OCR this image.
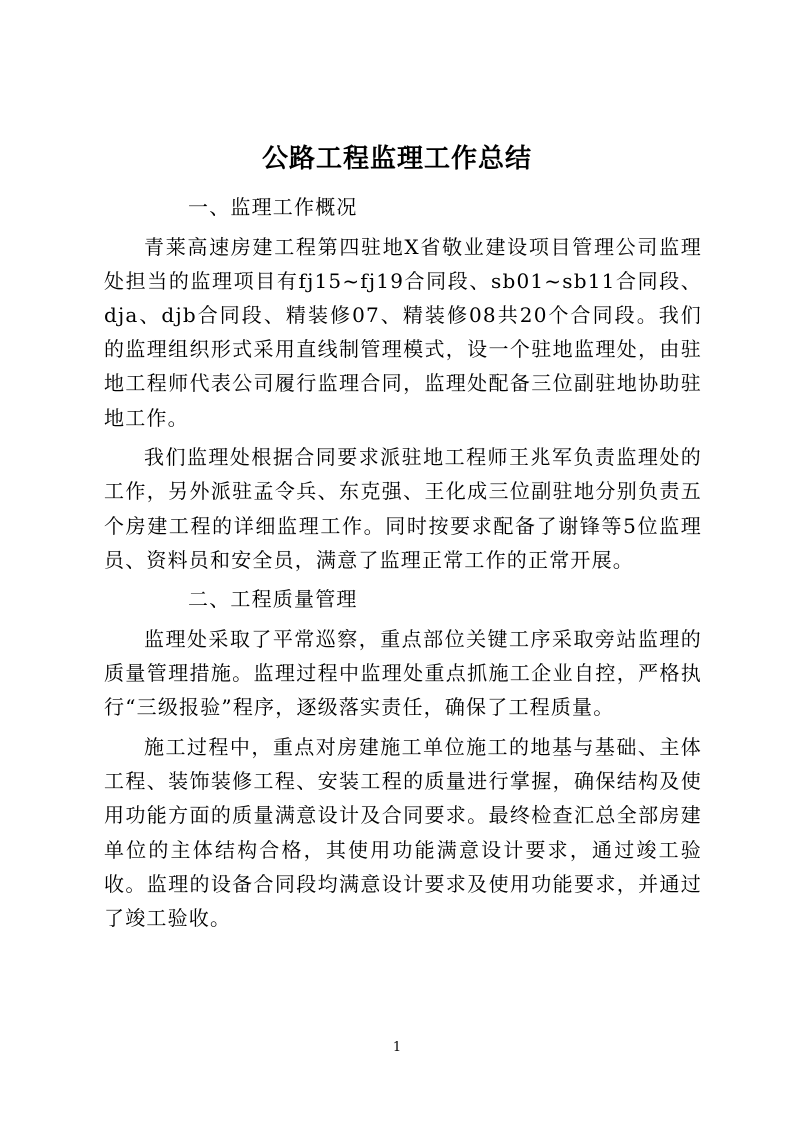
公路工程监理工作总结

一、监理工作概况

青莱高速房建工程第四驻地X省敬业建设项目管理公司监理处担当的监理项目有fj15~fj19合同段、sb01~sb11合同段、dja、djb合同段、精装修07、精装修08共20个合同段。我们的监理组织形式采用直线制管理模式，设一个驻地监理处，由驻地工程师代表公司履行监理合同，监理处配备三位副驻地协助驻地工作。

我们监理处根据合同要求派驻地工程师王兆军负责监理处的工作，另外派驻孟令兵、东克强、王化成三位副驻地分别负责五个房建工程的详细监理工作。同时按要求配备了谢锋等5位监理员、资料员和安全员，满意了监理正常工作的正常开展。

二、工程质量管理

监理处采取了平常巡察，重点部位关键工序采取旁站监理的质量管理措施。监理过程中监理处重点抓施工企业自控，严格执行“三级报验”程序，逐级落实责任，确保了工程质量。

施工过程中，重点对房建施工单位施工的地基与基础、主体工程、装饰装修工程、安装工程的质量进行掌握，确保结构及使用功能方面的质量满意设计及合同要求。最终检查汇总全部房建单位的主体结构合格，其使用功能满意设计要求，通过竣工验收。监理的设备合同段均满意设计要求及使用功能要求，并通过了竣工验收。

1
